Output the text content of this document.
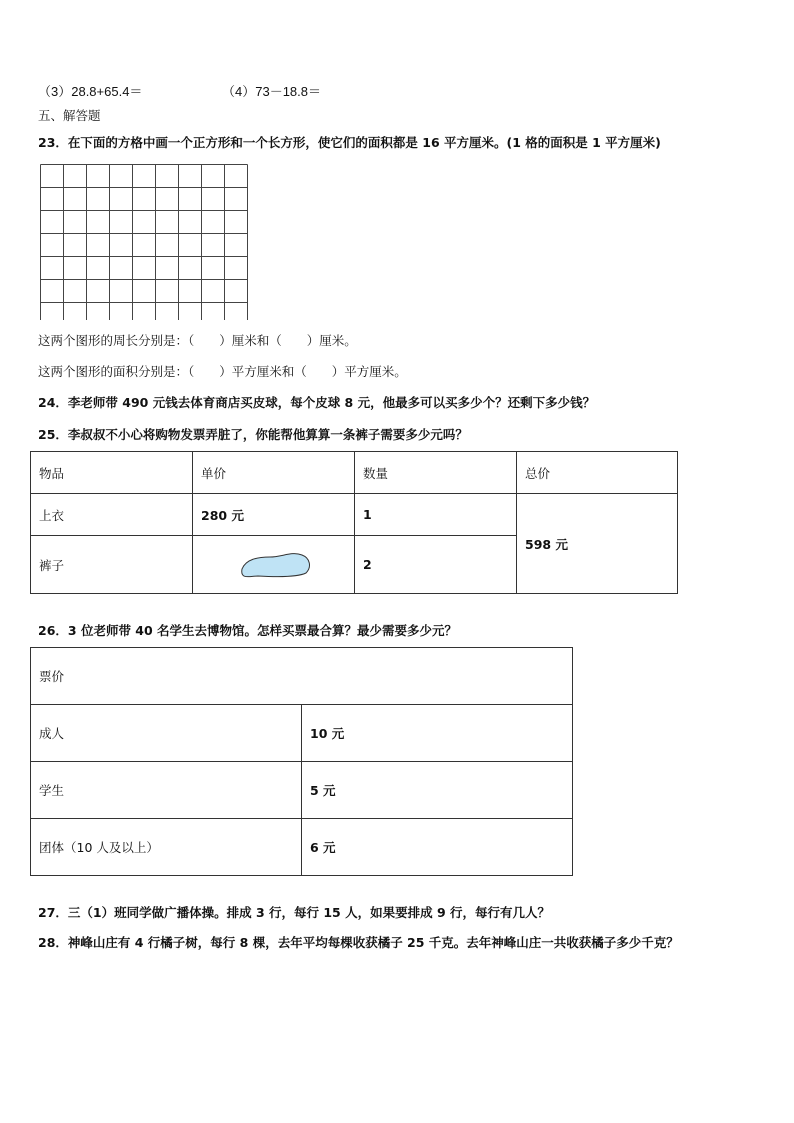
（3）28.8+65.4＝	（4）73－18.8＝
五、解答题
23．在下面的方格中画一个正方形和一个长方形，使它们的面积都是 16 平方厘米。(1 格的面积是 1 平方厘米)
这两个图形的周长分别是：（　　）厘米和（　　）厘米。
这两个图形的面积分别是：（　　）平方厘米和（　　）平方厘米。
24．李老师带 490 元钱去体育商店买皮球，每个皮球 8 元，他最多可以买多少个？还剩下多少钱？
25．李叔叔不小心将购物发票弄脏了，你能帮他算算一条裤子需要多少元吗？
物品	单价	数量	总价
上衣	280 元	1	598 元
裤子		2	
26．3 位老师带 40 名学生去博物馆。怎样买票最合算？最少需要多少元？
票价	
成人	10 元
学生	5 元
团体（10 人及以上）	6 元
27．三（1）班同学做广播体操。排成 3 行，每行 15 人，如果要排成 9 行，每行有几人？
28．神峰山庄有 4 行橘子树，每行 8 棵，去年平均每棵收获橘子 25 千克。去年神峰山庄一共收获橘子多少千克？
